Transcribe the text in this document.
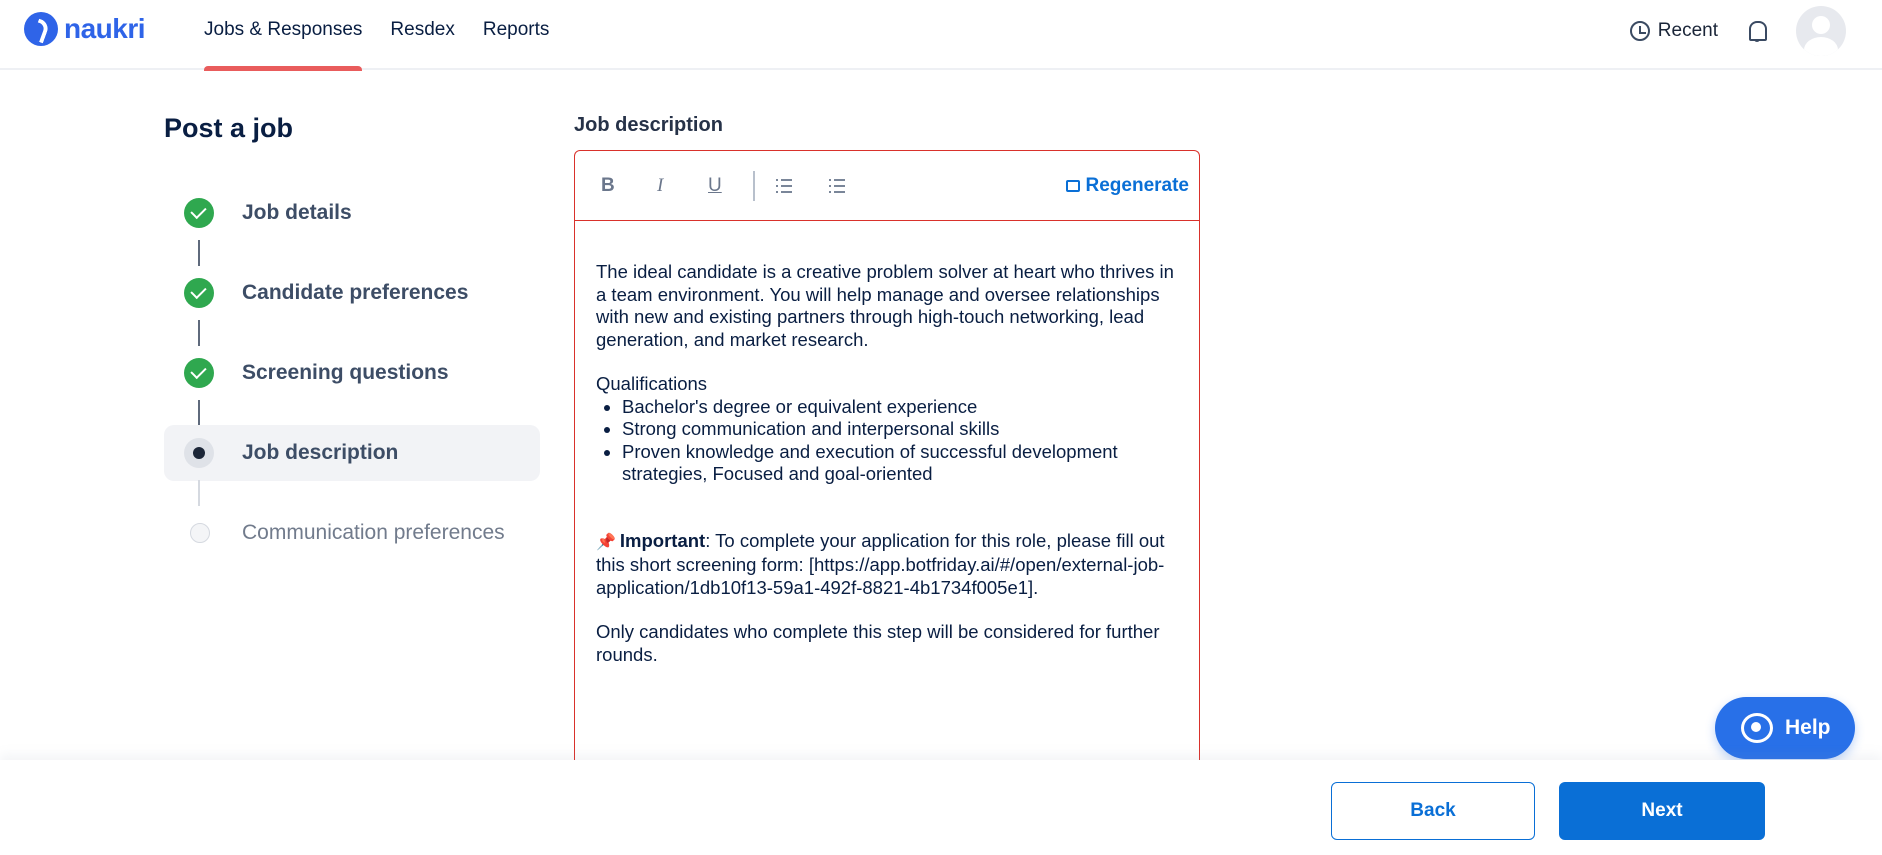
naukri	Jobs & Responses Resdex Reports	Recent
Post a job
Job details
Candidate preferences
Screening questions
Job description
Communication preferences
Job description
B I U	Regenerate

The ideal candidate is a creative problem solver at heart who thrives in a team environment. You will help manage and oversee relationships with new and existing partners through high-touch networking, lead generation, and market research.

Qualifications

• Bachelor's degree or equivalent experience
• Strong communication and interpersonal skills
• Proven knowledge and execution of successful development strategies, Focused and goal-oriented

📌 Important: To complete your application for this role, please fill out this short screening form: [https://app.botfriday.ai/#/open/external-job-application/1db10f13-59a1-492f-8821-4b1734f005e1].

Only candidates who complete this step will be considered for further rounds.

Help
Back	Next
